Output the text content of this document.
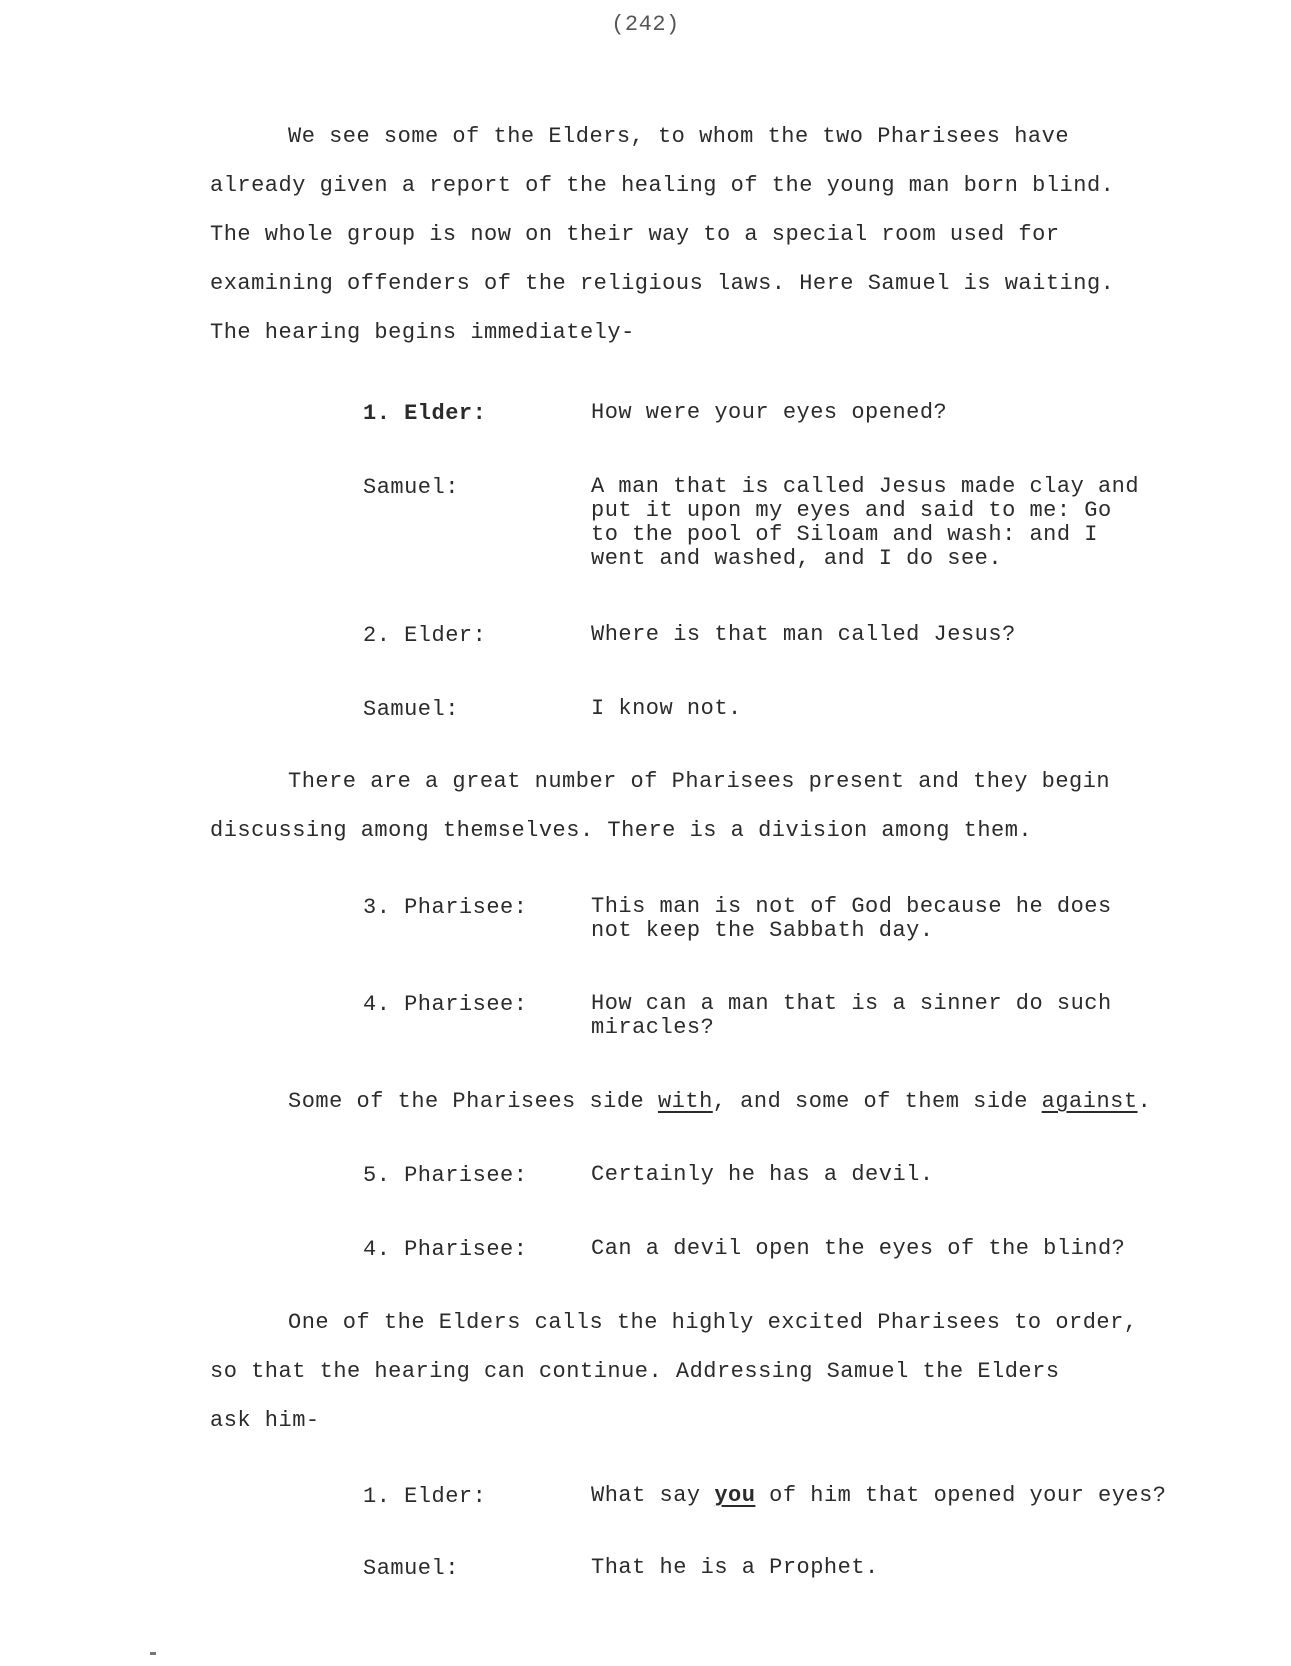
(242)
We see some of the Elders, to whom the two Pharisees have
already given a report of the healing of the young man born blind.
The whole group is now on their way to a special room used for
examining offenders of the religious laws. Here Samuel is waiting.
The hearing begins immediately-
1. Elder:	How were your eyes opened?
Samuel:	A man that is called Jesus made clay and
put it upon my eyes and said to me: Go
to the pool of Siloam and wash: and I
went and washed, and I do see.
2. Elder:	Where is that man called Jesus?
Samuel:	I know not.
There are a great number of Pharisees present and they begin
discussing among themselves. There is a division among them.
3. Pharisee:	This man is not of God because he does
not keep the Sabbath day.
4. Pharisee:	How can a man that is a sinner do such
miracles?
Some of the Pharisees side with, and some of them side against.
5. Pharisee:	Certainly he has a devil.
4. Pharisee:	Can a devil open the eyes of the blind?
One of the Elders calls the highly excited Pharisees to order,
so that the hearing can continue. Addressing Samuel the Elders
ask him-
1. Elder:	What say you of him that opened your eyes?
Samuel:	That he is a Prophet.
